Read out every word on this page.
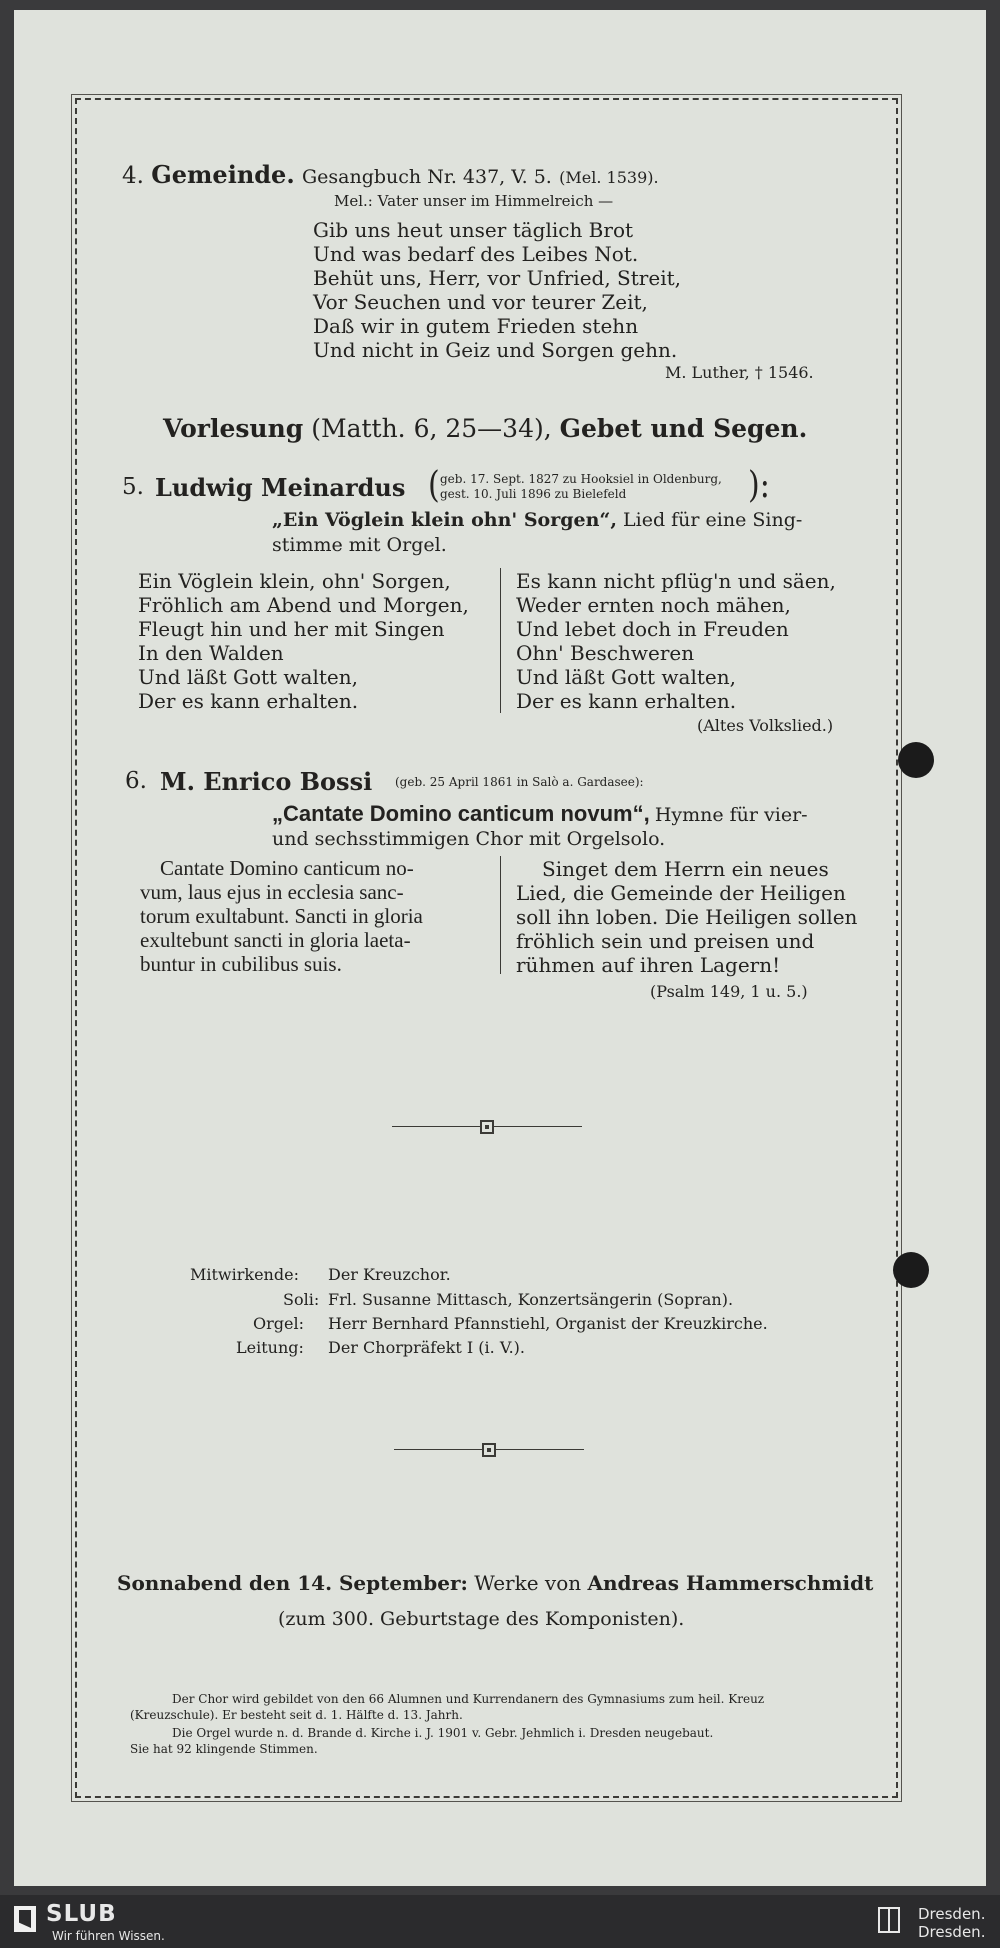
4. Gemeinde. Gesangbuch Nr. 437, V. 5. (Mel. 1539).
Mel.: Vater unser im Himmelreich —
Gib uns heut unser täglich Brot
Und was bedarf des Leibes Not.
Behüt uns, Herr, vor Unfried, Streit,
Vor Seuchen und vor teurer Zeit,
Daß wir in gutem Frieden stehn
Und nicht in Geiz und Sorgen gehn.
M. Luther, † 1546.
Vorlesung (Matth. 6, 25—34), Gebet und Segen.
5. Ludwig Meinardus ( geb. 17. Sept. 1827 zu Hooksiel in Oldenburg,
gest. 10. Juli 1896 zu Bielefeld	):
„Ein Vöglein klein ohn' Sorgen“, Lied für eine Sing-
stimme mit Orgel.
Ein Vöglein klein, ohn' Sorgen,
Fröhlich am Abend und Morgen,
Fleugt hin und her mit Singen
In den Walden
Und läßt Gott walten,
Der es kann erhalten.
Es kann nicht pflüg'n und säen,
Weder ernten noch mähen,
Und lebet doch in Freuden
Ohn' Beschweren
Und läßt Gott walten,
Der es kann erhalten.
(Altes Volkslied.)
6. M. Enrico Bossi (geb. 25 April 1861 in Salò a. Gardasee):
„Cantate Domino canticum novum“, Hymne für vier-
und sechsstimmigen Chor mit Orgelsolo.
Cantate Domino canticum no-
vum, laus ejus in ecclesia sanc-
torum exultabunt. Sancti in gloria
exultebunt sancti in gloria laeta-
buntur in cubilibus suis.
Singet dem Herrn ein neues
Lied, die Gemeinde der Heiligen
soll ihn loben. Die Heiligen sollen
fröhlich sein und preisen und
rühmen auf ihren Lagern!
(Psalm 149, 1 u. 5.)
Mitwirkende: Der Kreuzchor.
Soli: Frl. Susanne Mittasch, Konzertsängerin (Sopran).
Orgel: Herr Bernhard Pfannstiehl, Organist der Kreuzkirche.
Leitung: Der Chorpräfekt I (i. V.).
Sonnabend den 14. September: Werke von Andreas Hammerschmidt
(zum 300. Geburtstage des Komponisten).
Der Chor wird gebildet von den 66 Alumnen und Kurrendanern des Gymnasiums zum heil. Kreuz
(Kreuzschule). Er besteht seit d. 1. Hälfte d. 13. Jahrh.
Die Orgel wurde n. d. Brande d. Kirche i. J. 1901 v. Gebr. Jehmlich i. Dresden neugebaut.
Sie hat 92 klingende Stimmen.
SLUB
Wir führen Wissen.
Dresden.
Dresden.
